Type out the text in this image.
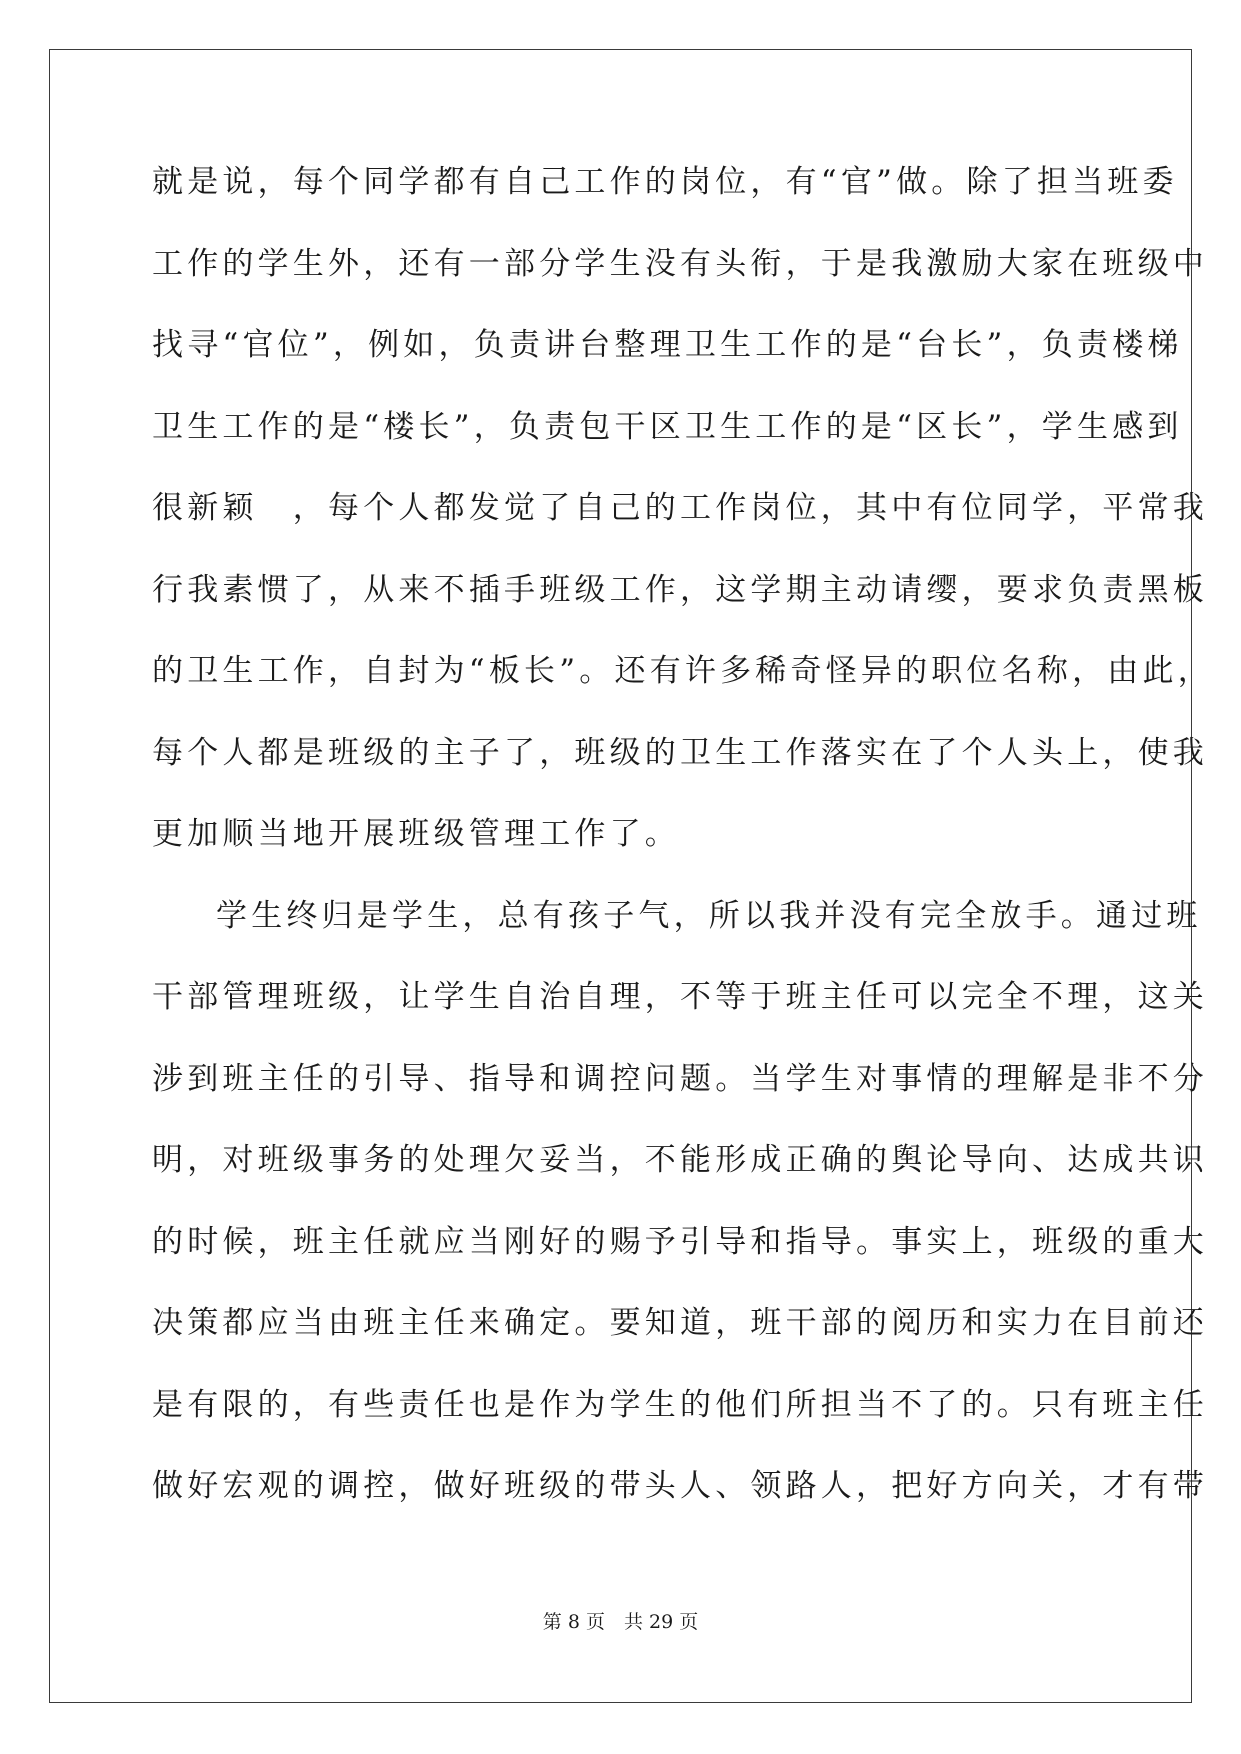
就是说，每个同学都有自己工作的岗位，有“官”做。除了担当班委
工作的学生外，还有一部分学生没有头衔，于是我激励大家在班级中
找寻“官位”，例如，负责讲台整理卫生工作的是“台长”，负责楼梯
卫生工作的是“楼长”，负责包干区卫生工作的是“区长”，学生感到
很新颖　，每个人都发觉了自己的工作岗位，其中有位同学，平常我
行我素惯了，从来不插手班级工作，这学期主动请缨，要求负责黑板
的卫生工作，自封为“板长”。还有许多稀奇怪异的职位名称，由此，
每个人都是班级的主子了，班级的卫生工作落实在了个人头上，使我
更加顺当地开展班级管理工作了。
学生终归是学生，总有孩子气，所以我并没有完全放手。通过班
干部管理班级，让学生自治自理，不等于班主任可以完全不理，这关
涉到班主任的引导、指导和调控问题。当学生对事情的理解是非不分
明，对班级事务的处理欠妥当，不能形成正确的舆论导向、达成共识
的时候，班主任就应当刚好的赐予引导和指导。事实上，班级的重大
决策都应当由班主任来确定。要知道，班干部的阅历和实力在目前还
是有限的，有些责任也是作为学生的他们所担当不了的。只有班主任
做好宏观的调控，做好班级的带头人、领路人，把好方向关，才有带
第 8 页　共 29 页
